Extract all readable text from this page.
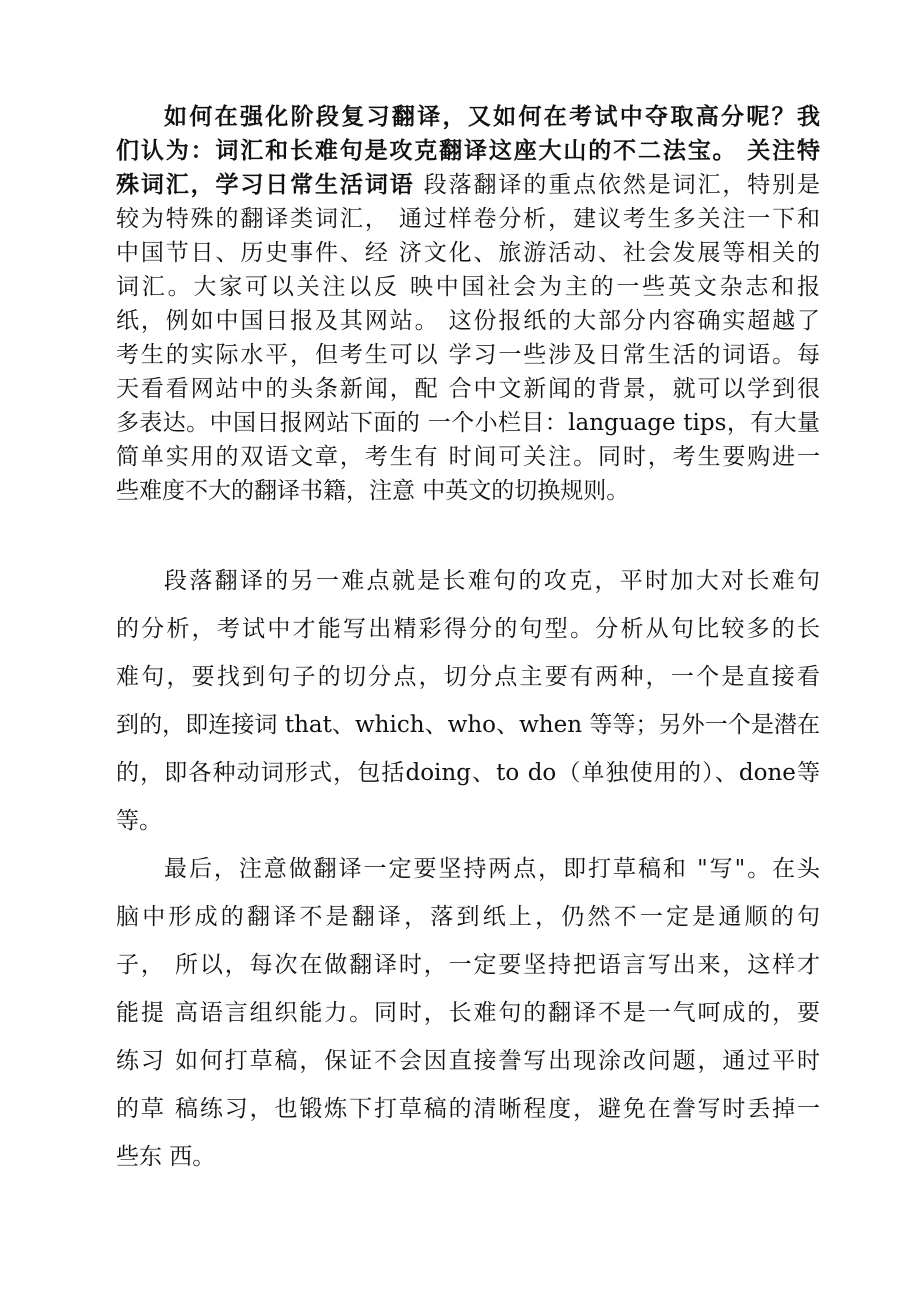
如何在强化阶段复习翻译，又如何在考试中夺取高分呢？我
们认为：词汇和长难句是攻克翻译这座大山的不二法宝。 关注特
殊词汇，学习日常生活词语 段落翻译的重点依然是词汇，特别是
较为特殊的翻译类词汇， 通过样卷分析，建议考生多关注一下和
中国节日、历史事件、经 济文化、旅游活动、社会发展等相关的
词汇。大家可以关注以反 映中国社会为主的一些英文杂志和报
纸，例如中国日报及其网站。 这份报纸的大部分内容确实超越了
考生的实际水平，但考生可以 学习一些涉及日常生活的词语。每
天看看网站中的头条新闻，配 合中文新闻的背景，就可以学到很
多表达。中国日报网站下面的 一个小栏目：language tips，有大量
简单实用的双语文章，考生有 时间可关注。同时，考生要购进一
些难度不大的翻译书籍，注意 中英文的切换规则。
段落翻译的另一难点就是长难句的攻克，平时加大对长难句
的分析，考试中才能写出精彩得分的句型。分析从句比较多的长
难句，要找到句子的切分点，切分点主要有两种，一个是直接看
到的，即连接词 that、which、who、when 等等；另外一个是潜在
的，即各种动词形式，包括doing、to do（单独使用的）、done等
等。
最后，注意做翻译一定要坚持两点，即打草稿和 "写"。在头
脑中形成的翻译不是翻译，落到纸上，仍然不一定是通顺的句
子， 所以，每次在做翻译时，一定要坚持把语言写出来，这样才
能提 高语言组织能力。同时，长难句的翻译不是一气呵成的，要
练习 如何打草稿，保证不会因直接誊写出现涂改问题，通过平时
的草 稿练习，也锻炼下打草稿的清晰程度，避免在誊写时丢掉一
些东 西。
